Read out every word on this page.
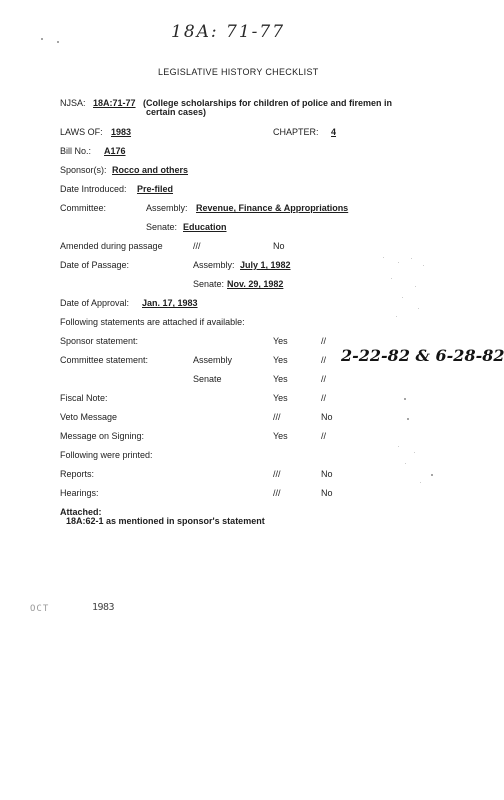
18A: 71-77
LEGISLATIVE HISTORY CHECKLIST
NJSA: 18A:71-77 (College scholarships for children of police and firemen in
certain cases)
LAWS OF: 1983	CHAPTER: 4
Bill No.: A176
Sponsor(s): Rocco and others
Date Introduced: Pre-filed
Committee:	Assembly: Revenue, Finance & Appropriations
Senate: Education
Amended during passage	///	No
Date of Passage:	Assembly: July 1, 1982
Senate: Nov. 29, 1982
Date of Approval: Jan. 17, 1983
Following statements are attached if available:
Sponsor statement:	Yes	//
Committee statement:	Assembly	Yes	// 2-22-82 & 6-28-82
Senate	Yes	//
Fiscal Note:	Yes	//
Veto Message	///	No
Message on Signing:	Yes	//
Following were printed:
Reports:	///	No
Hearings:	///	No
Attached:
18A:62-1 as mentioned in sponsor's statement
OCT	1983
